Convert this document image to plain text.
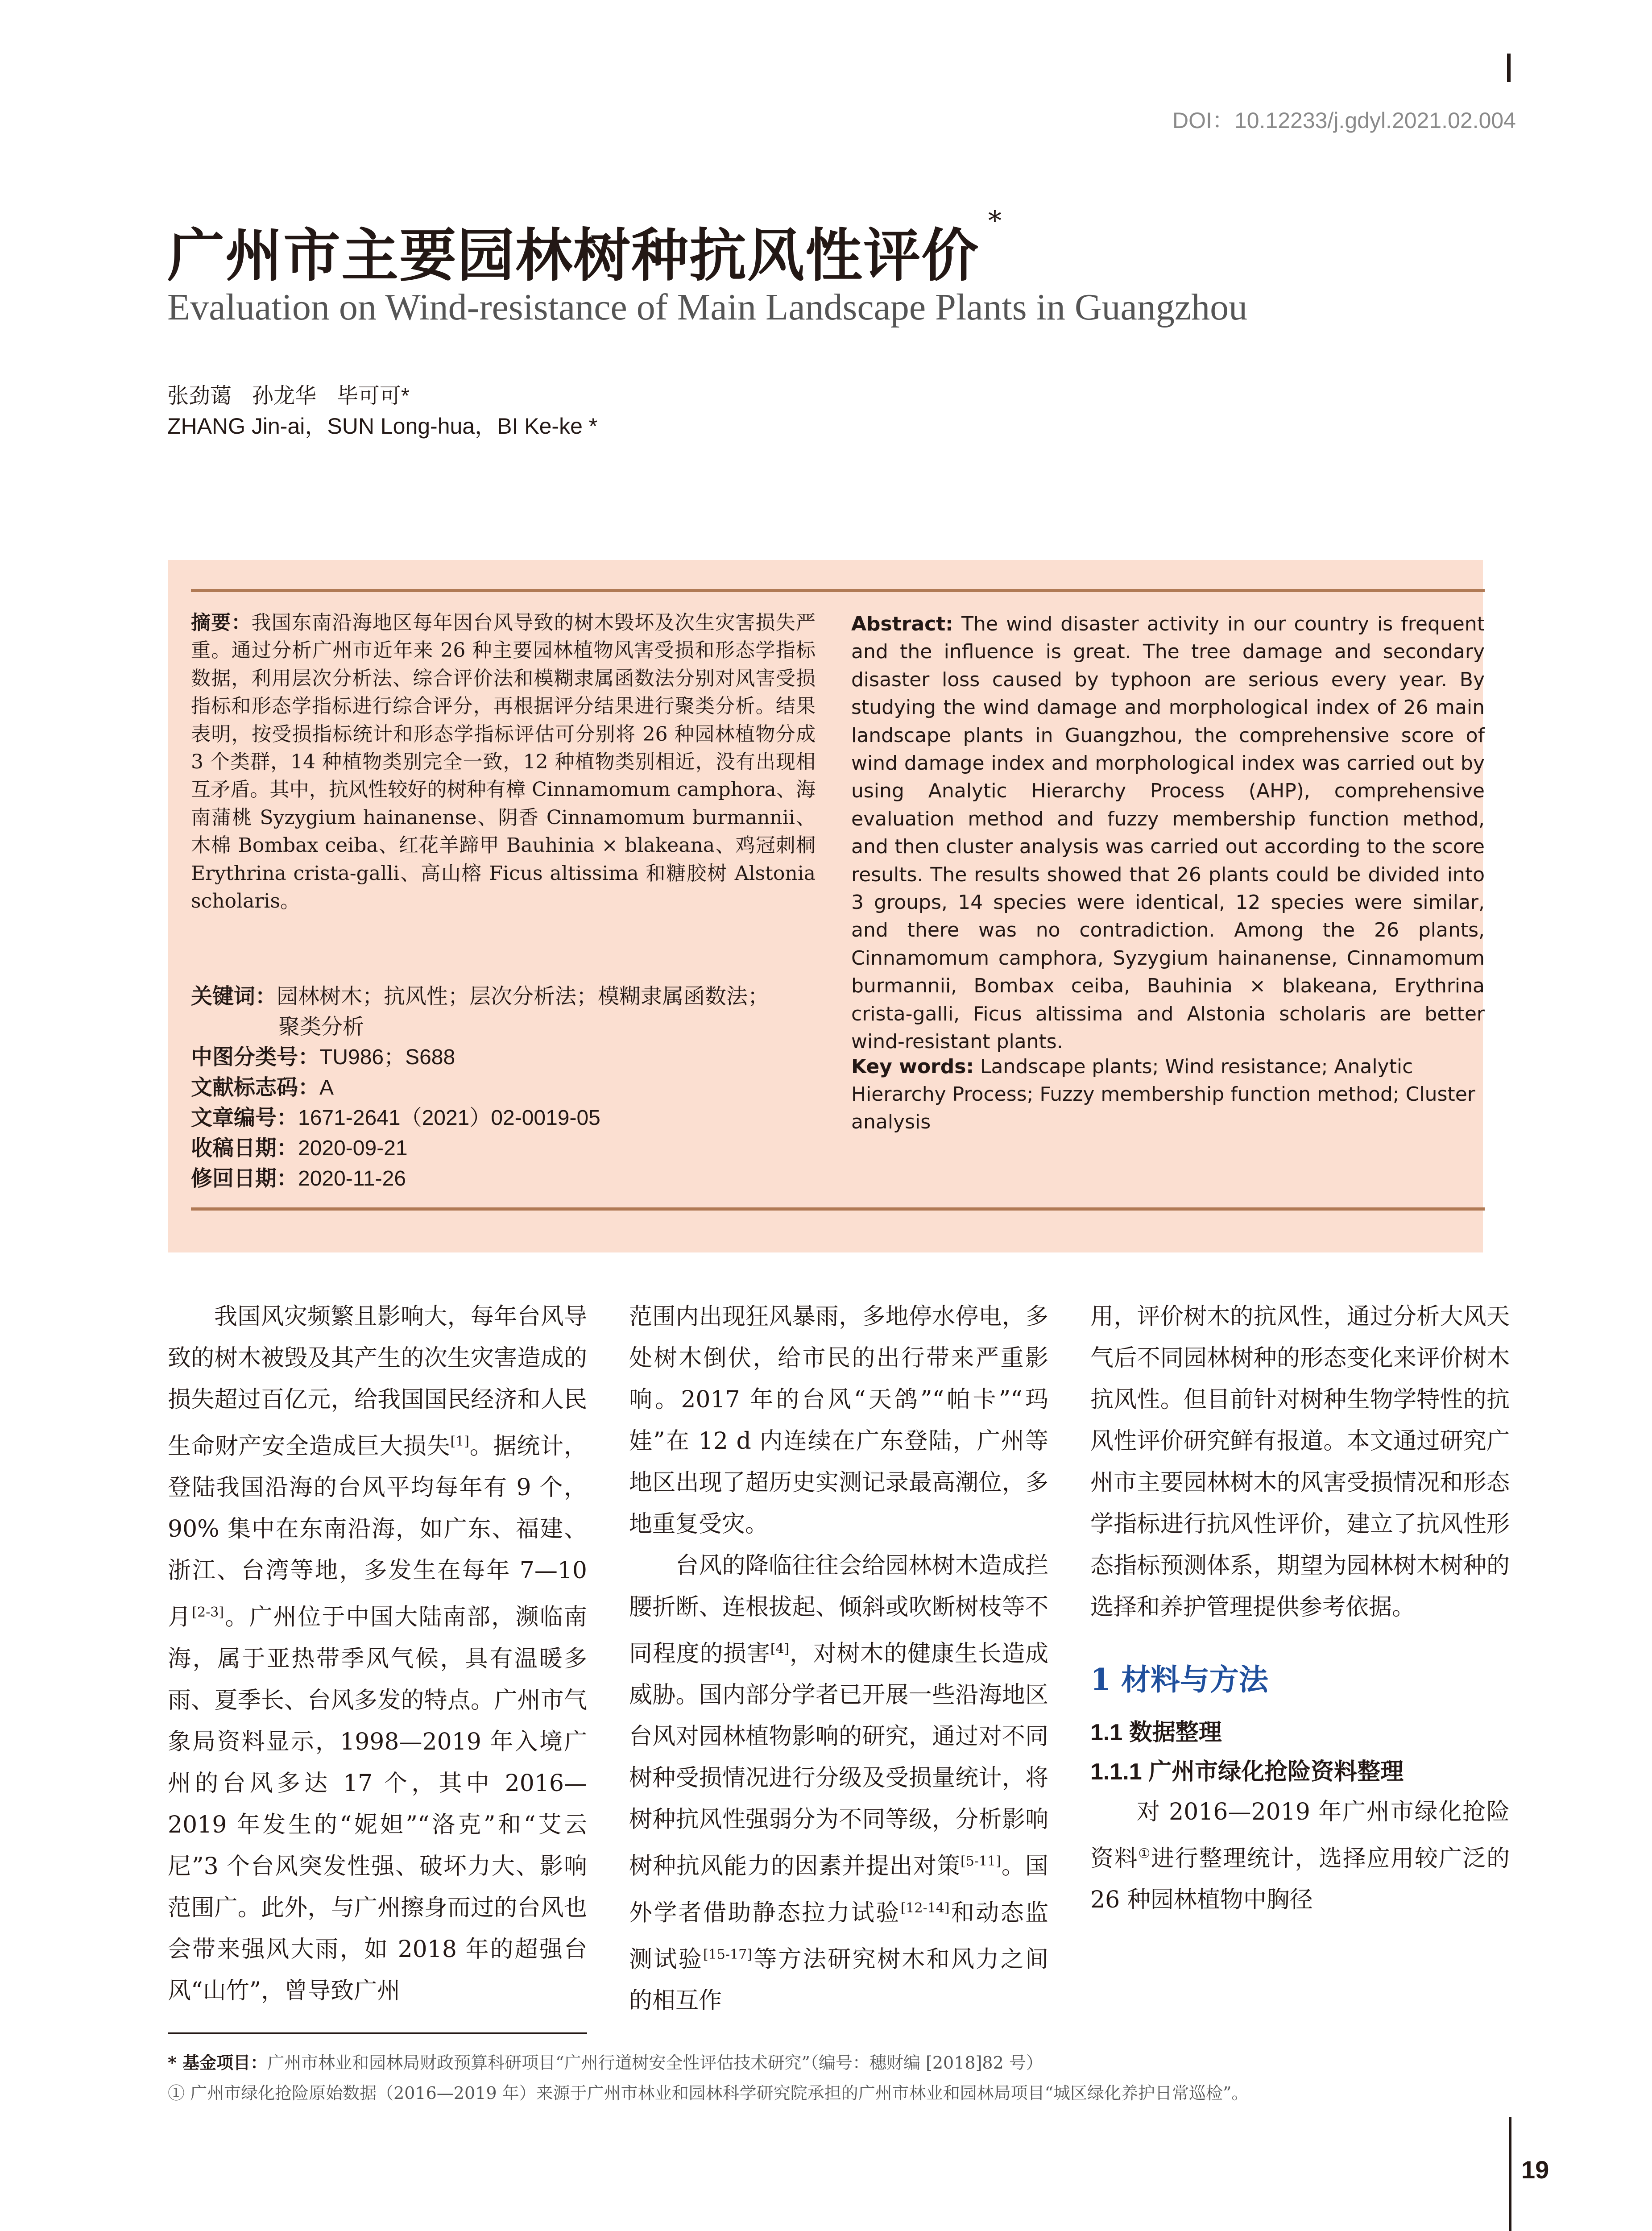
DOI：10.12233/j.gdyl.2021.02.004
广州市主要园林树种抗风性评价*
Evaluation on Wind-resistance of Main Landscape Plants in Guangzhou
张劲蔼 孙龙华 毕可可*
ZHANG Jin-ai，SUN Long-hua，BI Ke-ke *
摘要：我国东南沿海地区每年因台风导致的树木毁坏及次生灾害损失严重。通过分析广州市近年来 26 种主要园林植物风害受损和形态学指标数据，利用层次分析法、综合评价法和模糊隶属函数法分别对风害受损指标和形态学指标进行综合评分，再根据评分结果进行聚类分析。结果表明，按受损指标统计和形态学指标评估可分别将 26 种园林植物分成 3 个类群，14 种植物类别完全一致，12 种植物类别相近，没有出现相互矛盾。其中，抗风性较好的树种有樟 Cinnamomum camphora、海南蒲桃 Syzygium hainanense、阴香 Cinnamomum burmannii、木棉 Bombax ceiba、红花羊蹄甲 Bauhinia × blakeana、鸡冠刺桐 Erythrina crista-galli、高山榕 Ficus altissima 和糖胶树 Alstonia scholaris。
Abstract: The wind disaster activity in our country is frequent and the influence is great. The tree damage and secondary disaster loss caused by typhoon are serious every year. By studying the wind damage and morphological index of 26 main landscape plants in Guangzhou, the comprehensive score of wind damage index and morphological index was carried out by using Analytic Hierarchy Process (AHP), comprehensive evaluation method and fuzzy membership function method, and then cluster analysis was carried out according to the score results. The results showed that 26 plants could be divided into 3 groups, 14 species were identical, 12 species were similar, and there was no contradiction. Among the 26 plants, Cinnamomum camphora, Syzygium hainanense, Cinnamomum burmannii, Bombax ceiba, Bauhinia × blakeana, Erythrina crista-galli, Ficus altissima and Alstonia scholaris are better wind-resistant plants.
关键词：园林树木；抗风性；层次分析法；模糊隶属函数法；
聚类分析
中图分类号：TU986；S688
文献标志码：A
文章编号：1671-2641（2021）02-0019-05
收稿日期：2020-09-21
修回日期：2020-11-26
Key words: Landscape plants; Wind resistance; Analytic Hierarchy Process; Fuzzy membership function method; Cluster analysis

我国风灾频繁且影响大，每年台风导致的树木被毁及其产生的次生灾害造成的损失超过百亿元，给我国国民经济和人民生命财产安全造成巨大损失[1]。据统计，登陆我国沿海的台风平均每年有 9 个，90% 集中在东南沿海，如广东、福建、浙江、台湾等地，多发生在每年 7—10 月[2-3]。广州位于中国大陆南部，濒临南海，属于亚热带季风气候，具有温暖多雨、夏季长、台风多发的特点。广州市气象局资料显示，1998—2019 年入境广州的台风多达 17 个，其中 2016—2019 年发生的“妮妲”“洛克”和“艾云尼”3 个台风突发性强、破坏力大、影响范围广。此外，与广州擦身而过的台风也会带来强风大雨，如 2018 年的超强台风“山竹”，曾导致广州

范围内出现狂风暴雨，多地停水停电，多处树木倒伏，给市民的出行带来严重影响。2017 年的台风“天鸽”“帕卡”“玛娃”在 12 d 内连续在广东登陆，广州等地区出现了超历史实测记录最高潮位，多地重复受灾。

台风的降临往往会给园林树木造成拦腰折断、连根拔起、倾斜或吹断树枝等不同程度的损害[4]，对树木的健康生长造成威胁。国内部分学者已开展一些沿海地区台风对园林植物影响的研究，通过对不同树种受损情况进行分级及受损量统计，将树种抗风性强弱分为不同等级，分析影响树种抗风能力的因素并提出对策[5-11]。国外学者借助静态拉力试验[12-14]和动态监测试验[15-17]等方法研究树木和风力之间的相互作

用，评价树木的抗风性，通过分析大风天气后不同园林树种的形态变化来评价树木抗风性。但目前针对树种生物学特性的抗风性评价研究鲜有报道。本文通过研究广州市主要园林树木的风害受损情况和形态学指标进行抗风性评价，建立了抗风性形态指标预测体系，期望为园林树木树种的选择和养护管理提供参考依据。

1 材料与方法
1.1 数据整理
1.1.1 广州市绿化抢险资料整理

对 2016—2019 年广州市绿化抢险资料①进行整理统计，选择应用较广泛的 26 种园林植物中胸径

* 基金项目：广州市林业和园林局财政预算科研项目“广州行道树安全性评估技术研究”（编号：穗财编 [2018]82 号）
① 广州市绿化抢险原始数据（2016—2019 年）来源于广州市林业和园林科学研究院承担的广州市林业和园林局项目“城区绿化养护日常巡检”。
19
